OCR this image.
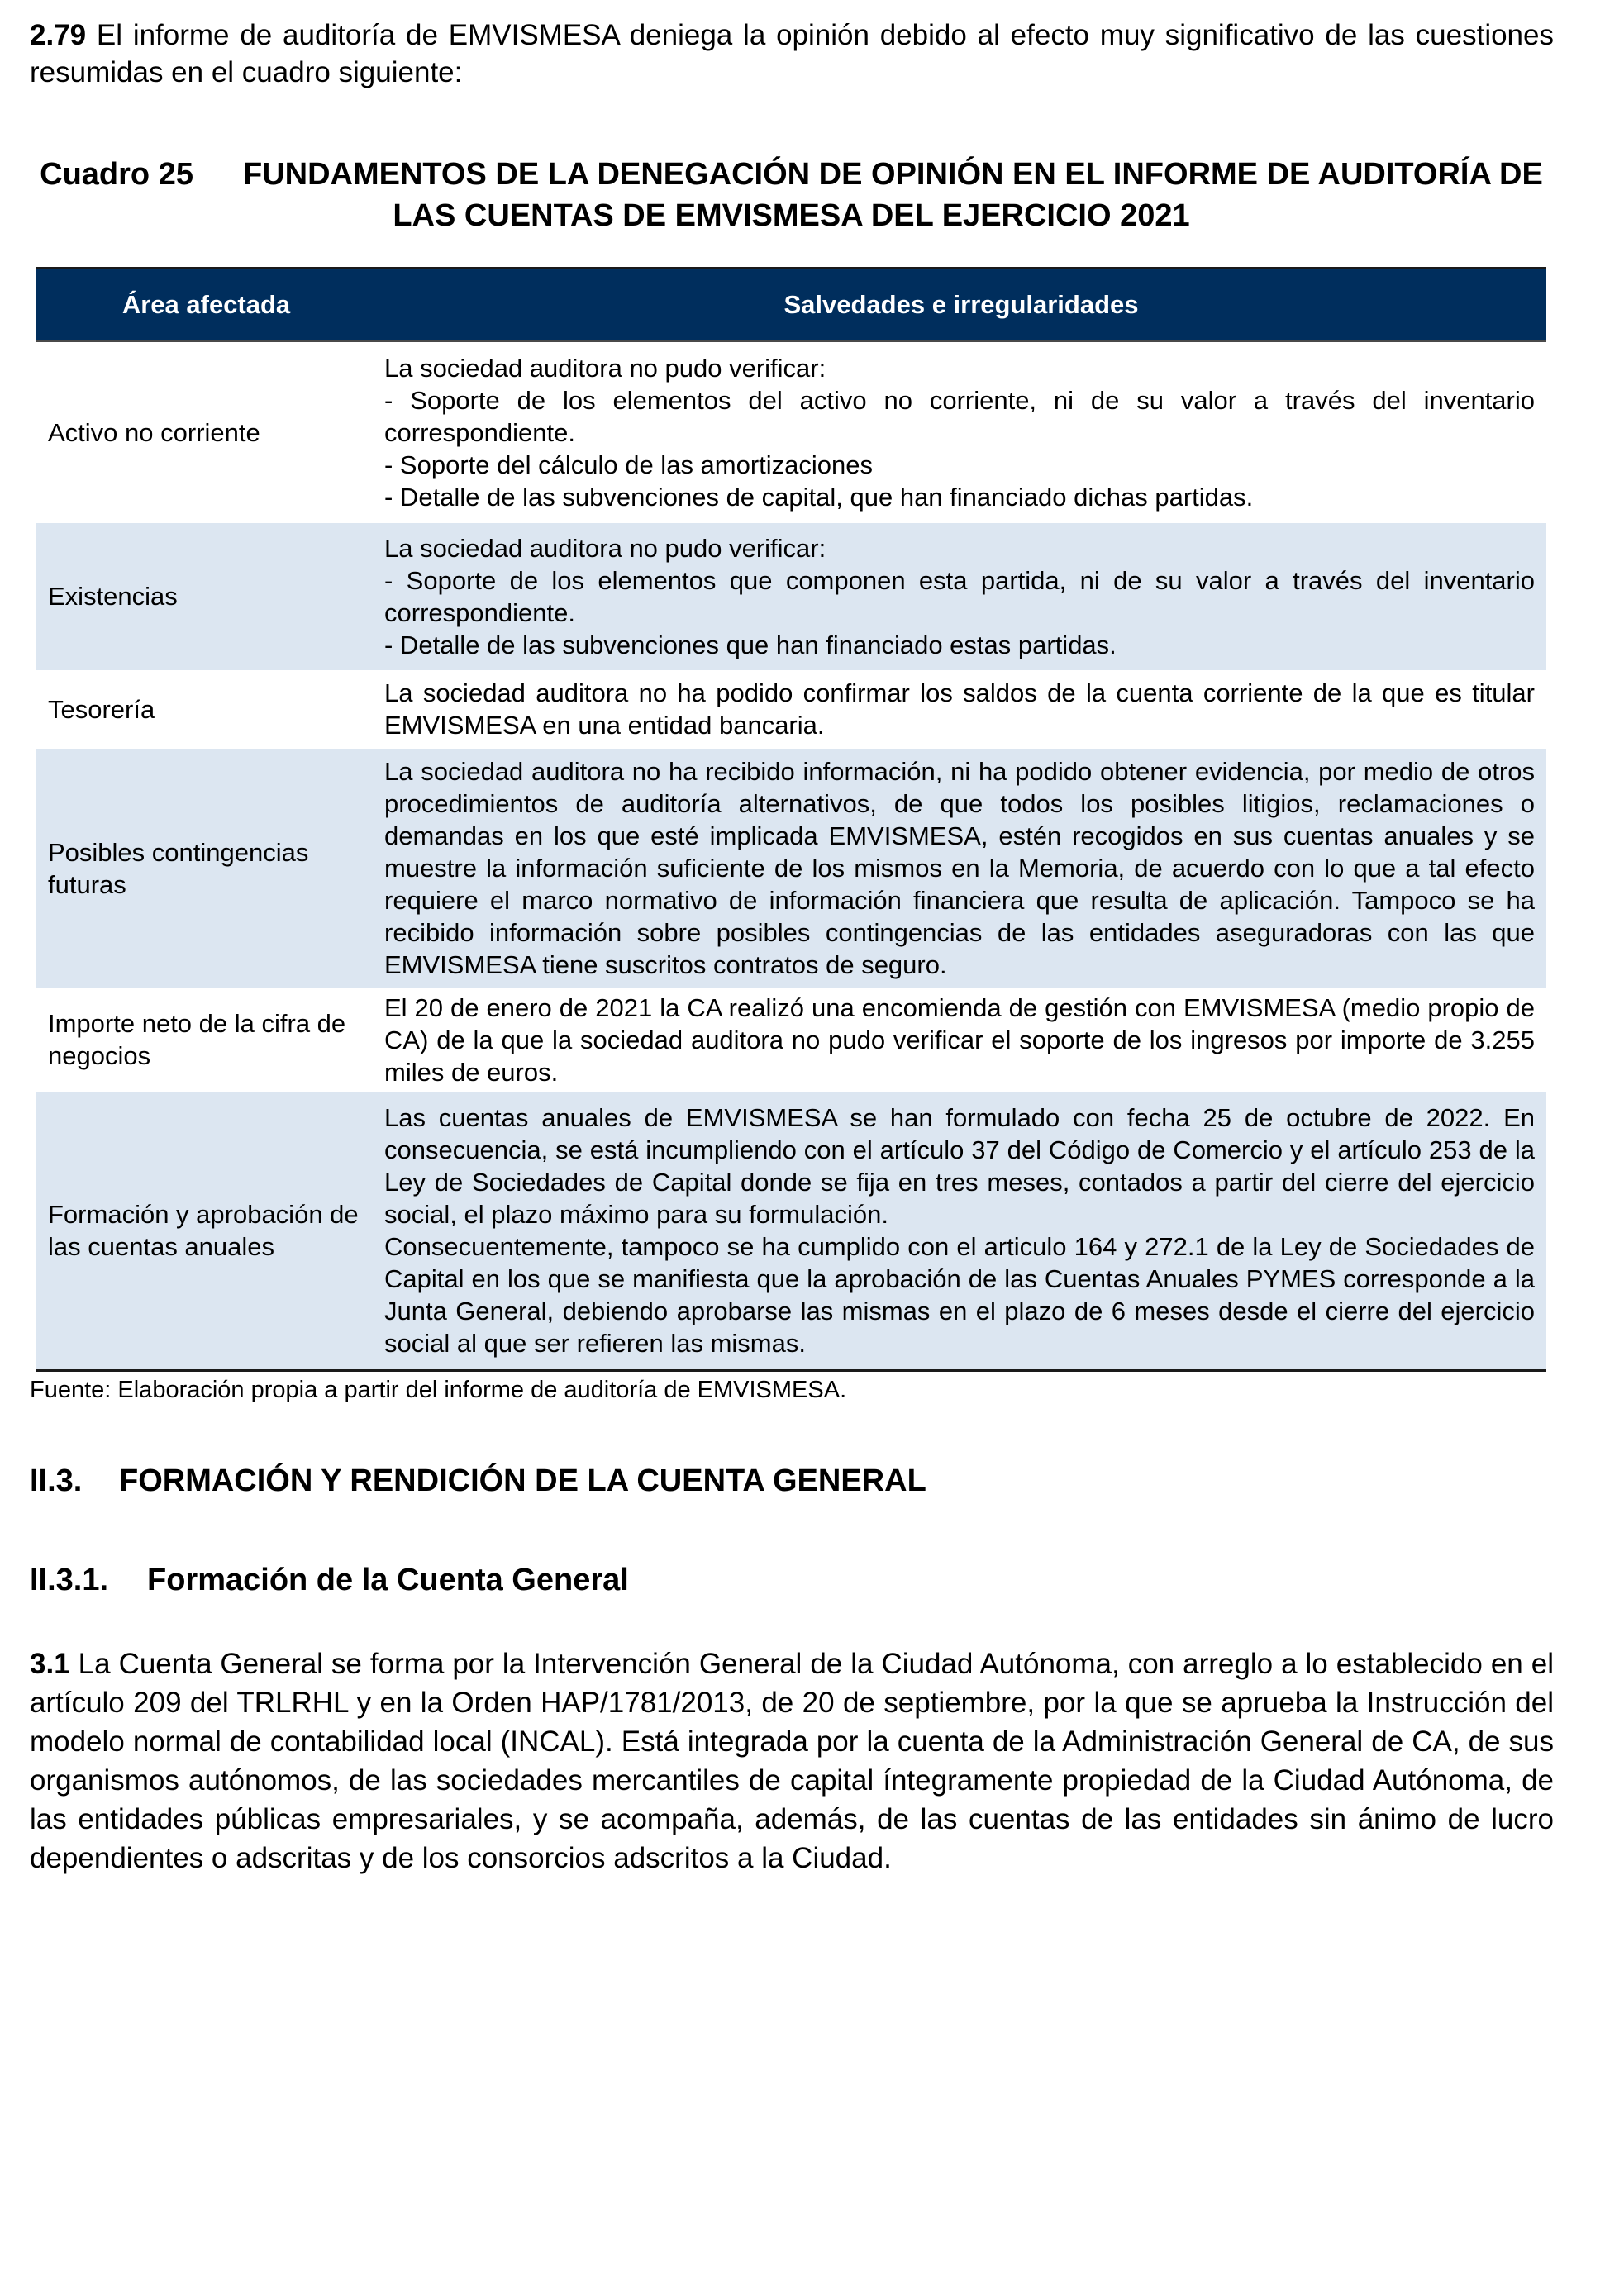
2.79 El informe de auditoría de EMVISMESA deniega la opinión debido al efecto muy significativo de las cuestiones resumidas en el cuadro siguiente:
Cuadro 25 FUNDAMENTOS DE LA DENEGACIÓN DE OPINIÓN EN EL INFORME DE AUDITORÍA DE LAS CUENTAS DE EMVISMESA DEL EJERCICIO 2021
Área afectada	Salvedades e irregularidades
Activo no corriente	La sociedad auditora no pudo verificar:
- Soporte de los elementos del activo no corriente, ni de su valor a través del inventario correspondiente.
- Soporte del cálculo de las amortizaciones
- Detalle de las subvenciones de capital, que han financiado dichas partidas.

Existencias	La sociedad auditora no pudo verificar:
- Soporte de los elementos que componen esta partida, ni de su valor a través del inventario correspondiente.
- Detalle de las subvenciones que han financiado estas partidas.

Tesorería	La sociedad auditora no ha podido confirmar los saldos de la cuenta corriente de la que es titular EMVISMESA en una entidad bancaria.

Posibles contingencias futuras	La sociedad auditora no ha recibido información, ni ha podido obtener evidencia, por medio de otros procedimientos de auditoría alternativos, de que todos los posibles litigios, reclamaciones o demandas en los que esté implicada EMVISMESA, estén recogidos en sus cuentas anuales y se muestre la información suficiente de los mismos en la Memoria, de acuerdo con lo que a tal efecto requiere el marco normativo de información financiera que resulta de aplicación. Tampoco se ha recibido información sobre posibles contingencias de las entidades aseguradoras con las que EMVISMESA tiene suscritos contratos de seguro.

Importe neto de la cifra de negocios	El 20 de enero de 2021 la CA realizó una encomienda de gestión con EMVISMESA (medio propio de CA) de la que la sociedad auditora no pudo verificar el soporte de los ingresos por importe de 3.255 miles de euros.

Formación y aprobación de las cuentas anuales	Las cuentas anuales de EMVISMESA se han formulado con fecha 25 de octubre de 2022. En consecuencia, se está incumpliendo con el artículo 37 del Código de Comercio y el artículo 253 de la Ley de Sociedades de Capital donde se fija en tres meses, contados a partir del cierre del ejercicio social, el plazo máximo para su formulación.
Consecuentemente, tampoco se ha cumplido con el articulo 164 y 272.1 de la Ley de Sociedades de Capital en los que se manifiesta que la aprobación de las Cuentas Anuales PYMES corresponde a la Junta General, debiendo aprobarse las mismas en el plazo de 6 meses desde el cierre del ejercicio social al que ser refieren las mismas.
Fuente: Elaboración propia a partir del informe de auditoría de EMVISMESA.
II.3. FORMACIÓN Y RENDICIÓN DE LA CUENTA GENERAL
II.3.1. Formación de la Cuenta General
3.1 La Cuenta General se forma por la Intervención General de la Ciudad Autónoma, con arreglo a lo establecido en el artículo 209 del TRLRHL y en la Orden HAP/1781/2013, de 20 de septiembre, por la que se aprueba la Instrucción del modelo normal de contabilidad local (INCAL). Está integrada por la cuenta de la Administración General de CA, de sus organismos autónomos, de las sociedades mercantiles de capital íntegramente propiedad de la Ciudad Autónoma, de las entidades públicas empresariales, y se acompaña, además, de las cuentas de las entidades sin ánimo de lucro dependientes o adscritas y de los consorcios adscritos a la Ciudad.
